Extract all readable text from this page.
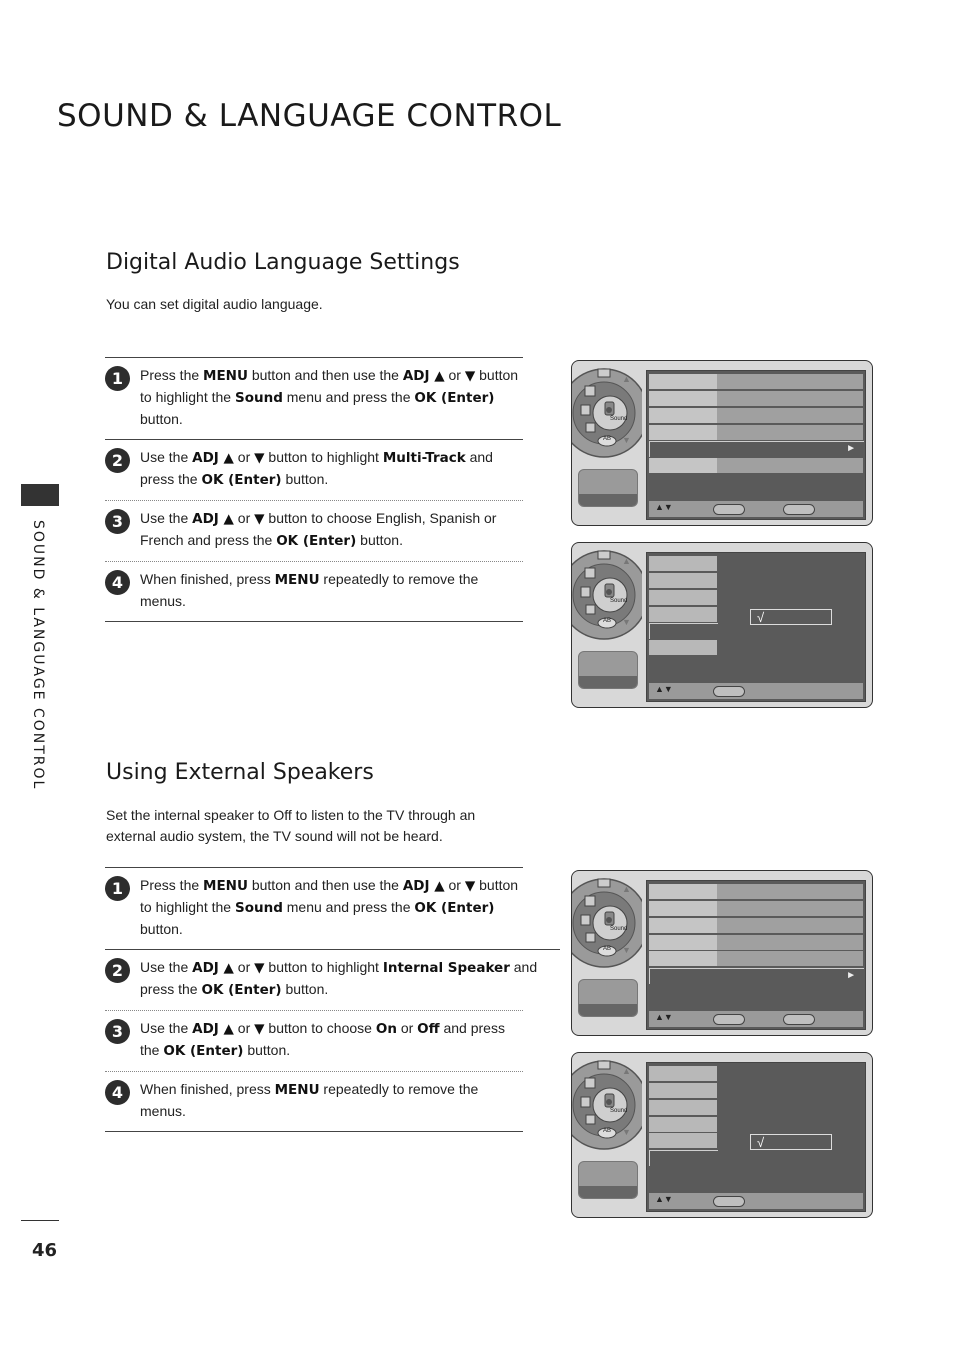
SOUND & LANGUAGE CONTROL
SOUND & LANGUAGE CONTROL
46
Digital Audio Language Settings
You can set digital audio language.
1	Press the MENU button and then use the ADJ ▲ or ▼ button to highlight the Sound menu and press the OK (Enter) button.
2	Use the ADJ ▲ or ▼ button to highlight Multi-Track and press the OK (Enter) button.
3	Use the ADJ ▲ or ▼ button to choose English, Spanish or French and press the OK (Enter) button.
4	When finished, press MENU repeatedly to remove the menus.
Using External Speakers
Set the internal speaker to Off to listen to the TV through an external audio system, the TV sound will not be heard.
1	Press the MENU button and then use the ADJ ▲ or ▼ button to highlight the Sound menu and press the OK (Enter) button.
2	Use the ADJ ▲ or ▼ button to highlight Internal Speaker and press the OK (Enter) button.
3	Use the ADJ ▲ or ▼ button to choose On or Off and press the OK (Enter) button.
4	When finished, press MENU repeatedly to remove the menus.
Sound
AB
▲
▼
►
▲▼
Sound
AB
▲
▼	√
▲▼
Sound
AB
▲
▼
►
▲▼
Sound
AB
▲
▼
√
▲▼
